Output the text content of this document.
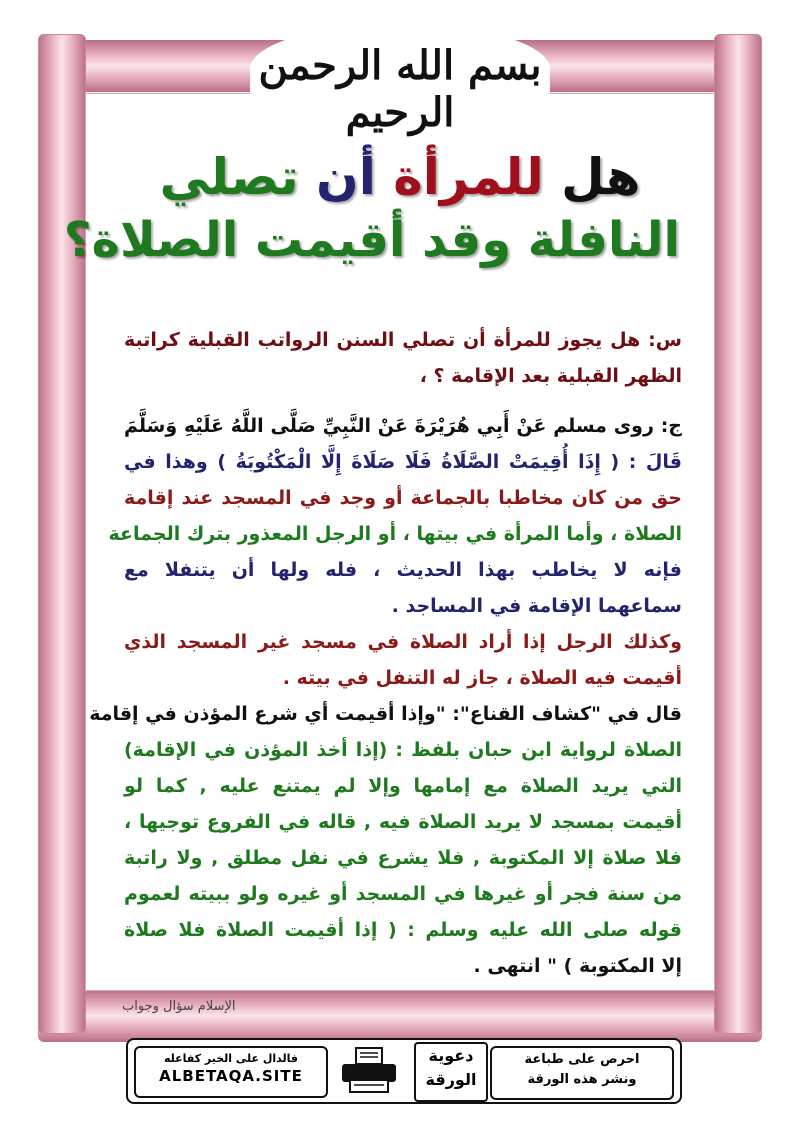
بسم الله الرحمن الرحيم
هل للمرأة أن تصلي
النافلة وقد أقيمت الصلاة؟
س: هل يجوز للمرأة أن تصلي السنن الرواتب القبلية كراتبة
الظهر القبلية بعد الإقامة ؟ ،
ج: روى مسلم عَنْ أَبِي هُرَيْرَةَ عَنْ النَّبِيِّ صَلَّى اللَّهُ عَلَيْهِ وَسَلَّمَ
قَالَ : ( إِذَا أُقِيمَتْ الصَّلَاةُ فَلَا صَلَاةَ إِلَّا الْمَكْتُوبَةُ ) وهذا في
حق من كان مخاطبا بالجماعة أو وجد في المسجد عند إقامة
الصلاة ، وأما المرأة في بيتها ، أو الرجل المعذور بترك الجماعة
فإنه لا يخاطب بهذا الحديث ، فله ولها أن يتنفلا مع
سماعهما الإقامة في المساجد .
وكذلك الرجل إذا أراد الصلاة في مسجد غير المسجد الذي
أقيمت فيه الصلاة ، جاز له التنفل في بيته .
قال في "كشاف القناع": "وإذا أقيمت أي شرع المؤذن في إقامة
الصلاة لرواية ابن حبان بلفظ : (إذا أخذ المؤذن في الإقامة)
التي يريد الصلاة مع إمامها وإلا لم يمتنع عليه , كما لو
أقيمت بمسجد لا يريد الصلاة فيه , قاله في الفروع توجيها ،
فلا صلاة إلا المكتوبة , فلا يشرع في نفل مطلق , ولا راتبة
من سنة فجر أو غيرها في المسجد أو غيره ولو ببيته لعموم
قوله صلى الله عليه وسلم : ( إذا أقيمت الصلاة فلا صلاة
إلا المكتوبة ) " انتهى .
الإسلام سؤال وجواب
احرص على طباعة
ونشر هذه الورقة
دعوية
الورقة
فالدال على الخير كفاعله
ALBETAQA.SITE
